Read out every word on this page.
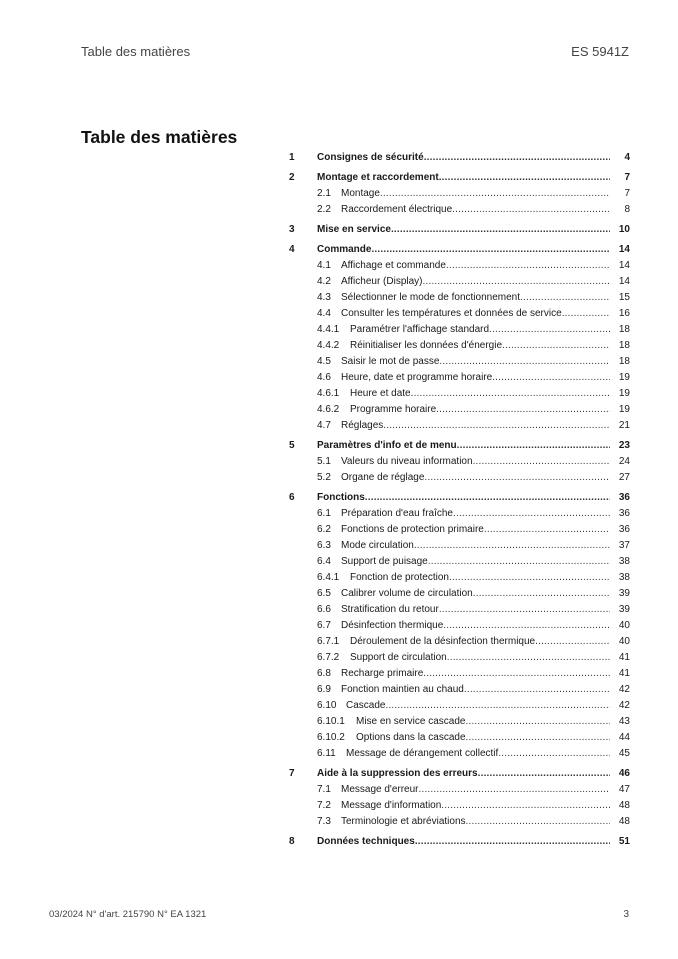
Table des matières	ES 5941Z
Table des matières
1 Consignes de sécurité .....	4
2 Montage et raccordement .....	7
2.1 Montage .....	7
2.2 Raccordement électrique .....	8
3 Mise en service .....	10
4 Commande .....	14
4.1 Affichage et commande .....	14
4.2 Afficheur (Display) .....	14
4.3 Sélectionner le mode de fonctionnement .....	15
4.4 Consulter les températures et données de service .....	16
4.4.1 Paramétrer l'affichage standard .....	18
4.4.2 Réinitialiser les données d'énergie .....	18
4.5 Saisir le mot de passe .....	18
4.6 Heure, date et programme horaire .....	19
4.6.1 Heure et date .....	19
4.6.2 Programme horaire .....	19
4.7 Réglages .....	21
5 Paramètres d'info et de menu .....	23
5.1 Valeurs du niveau information .....	24
5.2 Organe de réglage .....	27
6 Fonctions .....	36
6.1 Préparation d'eau fraîche .....	36
6.2 Fonctions de protection primaire .....	36
6.3 Mode circulation .....	37
6.4 Support de puisage .....	38
6.4.1 Fonction de protection .....	38
6.5 Calibrer volume de circulation .....	39
6.6 Stratification du retour .....	39
6.7 Désinfection thermique .....	40
6.7.1 Déroulement de la désinfection thermique .....	40
6.7.2 Support de circulation .....	41
6.8 Recharge primaire .....	41
6.9 Fonction maintien au chaud .....	42
6.10 Cascade .....	42
6.10.1 Mise en service cascade .....	43
6.10.2 Options dans la cascade .....	44
6.11 Message de dérangement collectif .....	45
7 Aide à la suppression des erreurs .....	46
7.1 Message d'erreur .....	47
7.2 Message d'information .....	48
7.3 Terminologie et abréviations .....	48
8 Données techniques .....	51
03/2024 N° d'art. 215790 N° EA 1321	3
